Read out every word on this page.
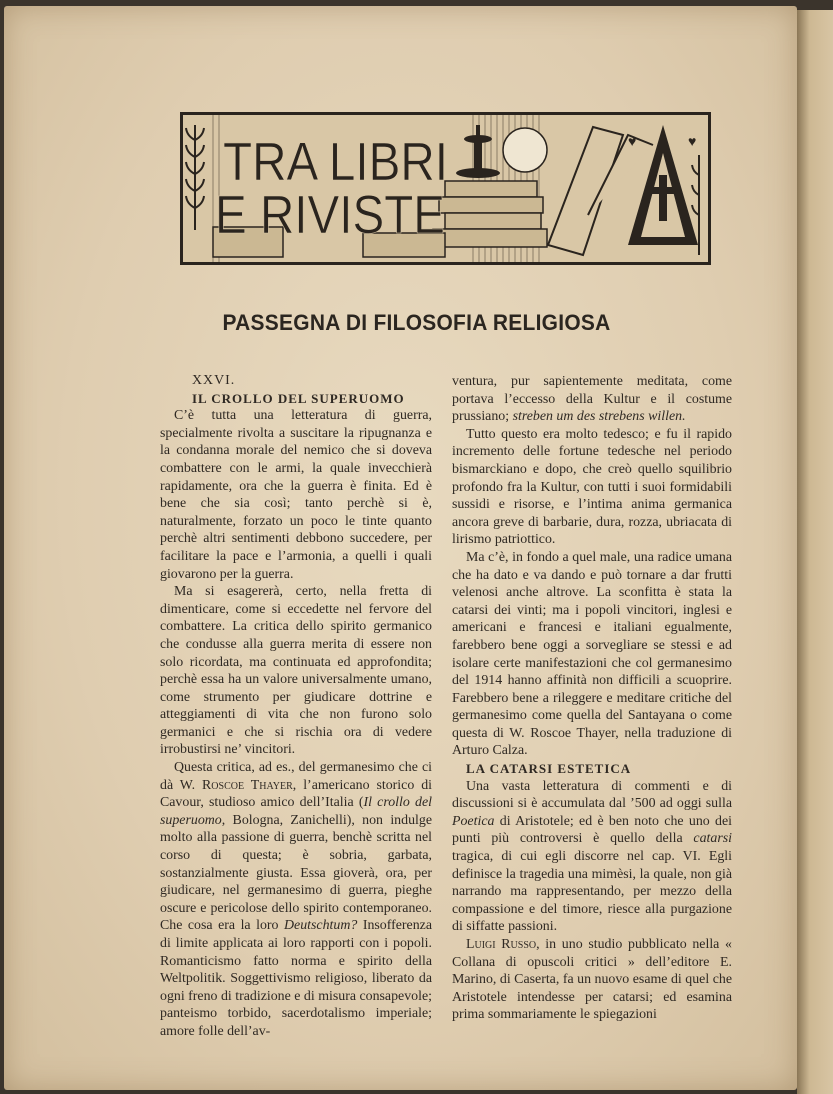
♥	♥
TRA LIBRI
E RIVISTE
PASSEGNA DI FILOSOFIA RELIGIOSA

XXVI.

IL CROLLO DEL SUPERUOMO

C’è tutta una letteratura di guerra, specialmente rivolta a suscitare la ripugnanza e la condanna morale del nemico che si doveva combattere con le armi, la quale invecchierà rapidamente, ora che la guerra è finita. Ed è bene che sia così; tanto perchè si è, naturalmente, forzato un poco le tinte quanto perchè altri sentimenti debbono succedere, per facilitare la pace e l’armonia, a quelli i quali giovarono per la guerra.

Ma si esagererà, certo, nella fretta di dimenticare, come si eccedette nel fervore del combattere. La critica dello spirito germanico che condusse alla guerra merita di essere non solo ricordata, ma continuata ed approfondita; perchè essa ha un valore universalmente umano, come strumento per giudicare dottrine e atteggiamenti di vita che non furono solo germanici e che si rischia ora di vedere irrobustirsi ne’ vincitori.

Questa critica, ad es., del germanesimo che ci dà W. Roscoe Thayer, l’americano storico di Cavour, studioso amico dell’Italia (Il crollo del superuomo, Bologna, Zanichelli), non indulge molto alla passione di guerra, benchè scritta nel corso di questa; è sobria, garbata, sostanzialmente giusta. Essa gioverà, ora, per giudicare, nel germanesimo di guerra, pieghe oscure e pericolose dello spirito contemporaneo. Che cosa era la loro Deutschtum? Insofferenza di limite applicata ai loro rapporti con i popoli. Romanticismo fatto norma e spirito della Weltpolitik. Soggettivismo religioso, liberato da ogni freno di tradizione e di misura consapevole; panteismo torbido, sacerdotalismo imperiale; amore folle dell’av-

ventura, pur sapientemente meditata, come portava l’eccesso della Kultur e il costume prussiano; streben um des strebens willen.

Tutto questo era molto tedesco; e fu il rapido incremento delle fortune tedesche nel periodo bismarckiano e dopo, che creò quello squilibrio profondo fra la Kultur, con tutti i suoi formidabili sussidi e risorse, e l’intima anima germanica ancora greve di barbarie, dura, rozza, ubriacata di lirismo patriottico.

Ma c’è, in fondo a quel male, una radice umana che ha dato e va dando e può tornare a dar frutti velenosi anche altrove. La sconfitta è stata la catarsi dei vinti; ma i popoli vincitori, inglesi e americani e francesi e italiani egualmente, farebbero bene oggi a sorvegliare se stessi e ad isolare certe manifestazioni che col germanesimo del 1914 hanno affinità non difficili a scuoprire. Farebbero bene a rileggere e meditare critiche del germanesimo come quella del Santayana o come questa di W. Roscoe Thayer, nella traduzione di Arturo Calza.

LA CATARSI ESTETICA

Una vasta letteratura di commenti e di discussioni si è accumulata dal ’500 ad oggi sulla Poetica di Aristotele; ed è ben noto che uno dei punti più controversi è quello della catarsi tragica, di cui egli discorre nel cap. VI. Egli definisce la tragedia una mimèsi, la quale, non già narrando ma rappresentando, per mezzo della compassione e del timore, riesce alla purgazione di siffatte passioni.

Luigi Russo, in uno studio pubblicato nella « Collana di opuscoli critici » dell’editore E. Marino, di Caserta, fa un nuovo esame di quel che Aristotele intendesse per catarsi; ed esamina prima sommariamente le spiegazioni
